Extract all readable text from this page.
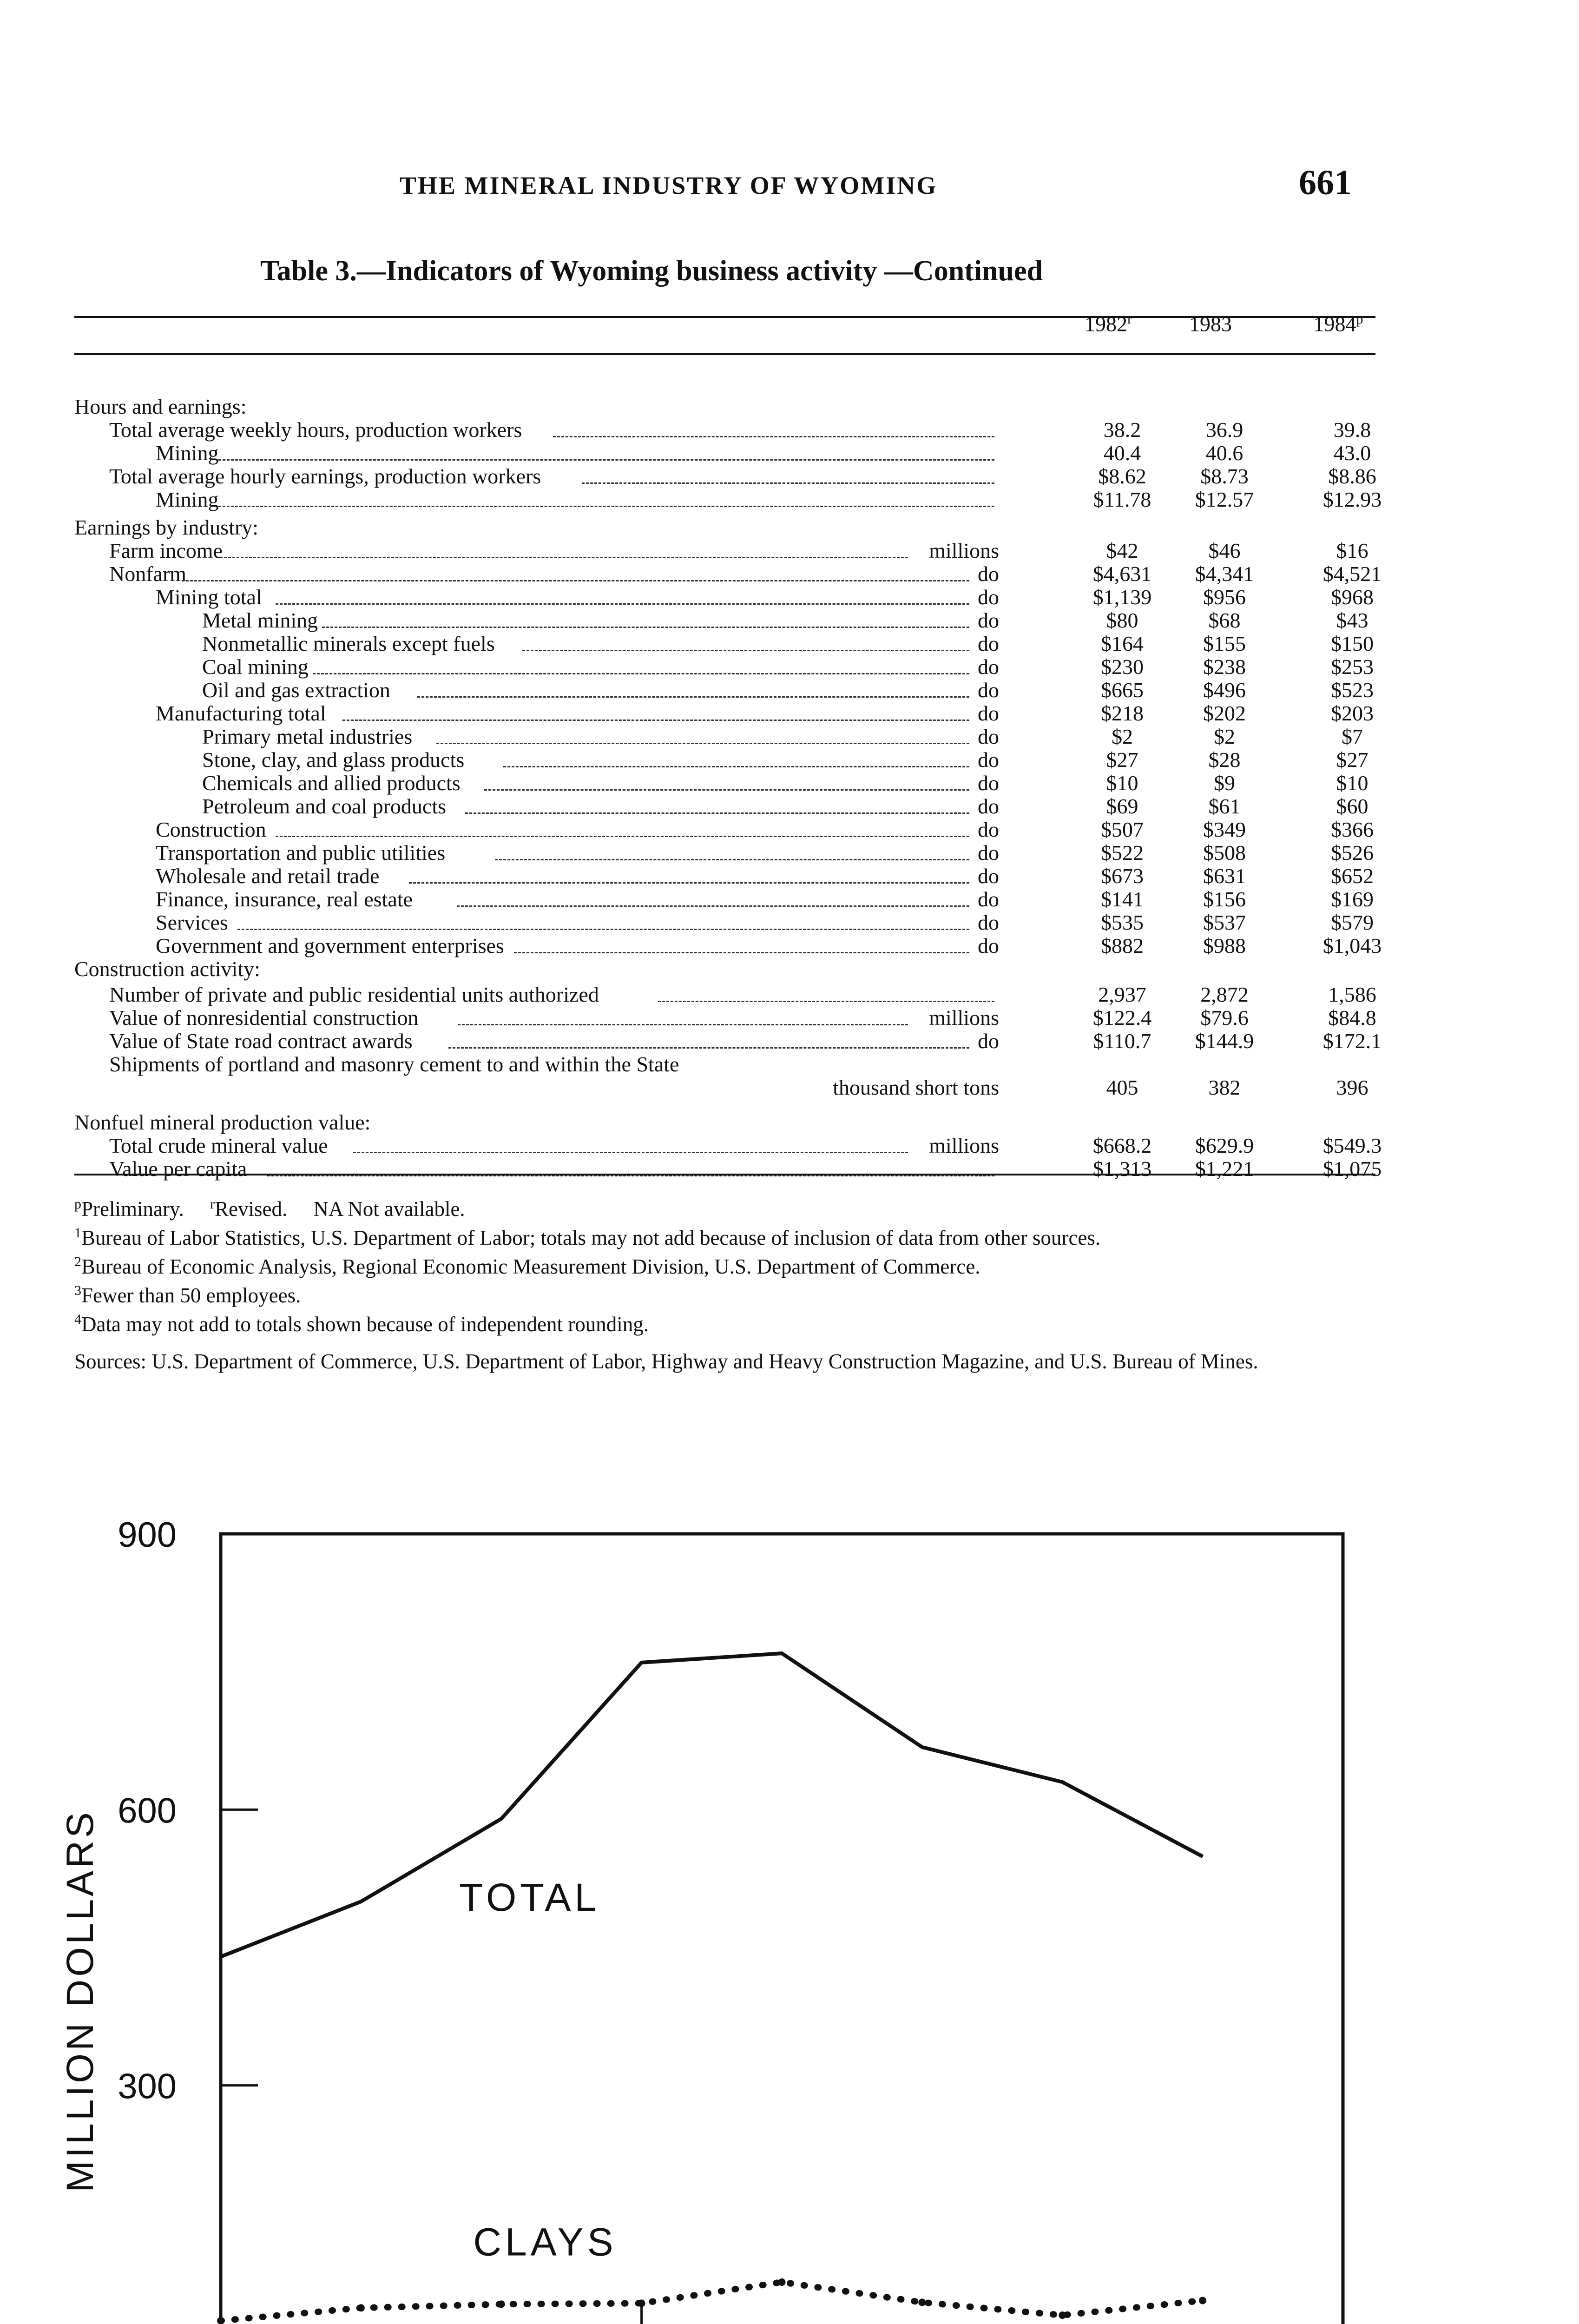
THE MINERAL INDUSTRY OF WYOMING	661
Table 3.—Indicators of Wyoming business activity —Continued
1982$^r$	1983	1984$^p$
Hours and earnings:
Total average weekly hours, production workers	38.2	36.9	39.8
Mining	40.4	40.6	43.0
Total average hourly earnings, production workers	$8.62	$8.73	$8.86
Mining	$11.78	$12.57	$12.93
Earnings by industry:
Farm income	millions	$42	$46	$16
Nonfarm	do	$4,631	$4,341	$4,521
Mining total	do	$1,139	$956	$968
Metal mining	do	$80	$68	$43
Nonmetallic minerals except fuels	do	$164	$155	$150
Coal mining	do	$230	$238	$253
Oil and gas extraction	do	$665	$496	$523
Manufacturing total	do	$218	$202	$203
Primary metal industries	do	$2	$2	$7
Stone, clay, and glass products	do	$27	$28	$27
Chemicals and allied products	do	$10	$9	$10
Petroleum and coal products	do	$69	$61	$60
Construction	do	$507	$349	$366
Transportation and public utilities	do	$522	$508	$526
Wholesale and retail trade	do	$673	$631	$652
Finance, insurance, real estate	do	$141	$156	$169
Services	do	$535	$537	$579
Government and government enterprises	do	$882	$988	$1,043
Construction activity:
Number of private and public residential units authorized	2,937	2,872	1,586
Value of nonresidential construction	millions	$122.4	$79.6	$84.8
Value of State road contract awards	do	$110.7	$144.9	$172.1
Shipments of portland and masonry cement to and within the State
thousand short tons	405	382	396
Nonfuel mineral production value:
Total crude mineral value	millions	$668.2	$629.9	$549.3
Value per capita	$1,313	$1,221	$1,075

$^p$Preliminary. $^r$Revised. NA Not available.

$^1$Bureau of Labor Statistics, U.S. Department of Labor; totals may not add because of inclusion of data from other sources.

$^2$Bureau of Economic Analysis, Regional Economic Measurement Division, U.S. Department of Commerce.

$^3$Fewer than 50 employees.

$^4$Data may not add to totals shown because of independent rounding.

Sources: U.S. Department of Commerce, U.S. Department of Labor, Highway and Heavy Construction Magazine, and U.S. Bureau of Mines.

300
600
900
TOTAL
CLAYS
MILLION DOLLARS
